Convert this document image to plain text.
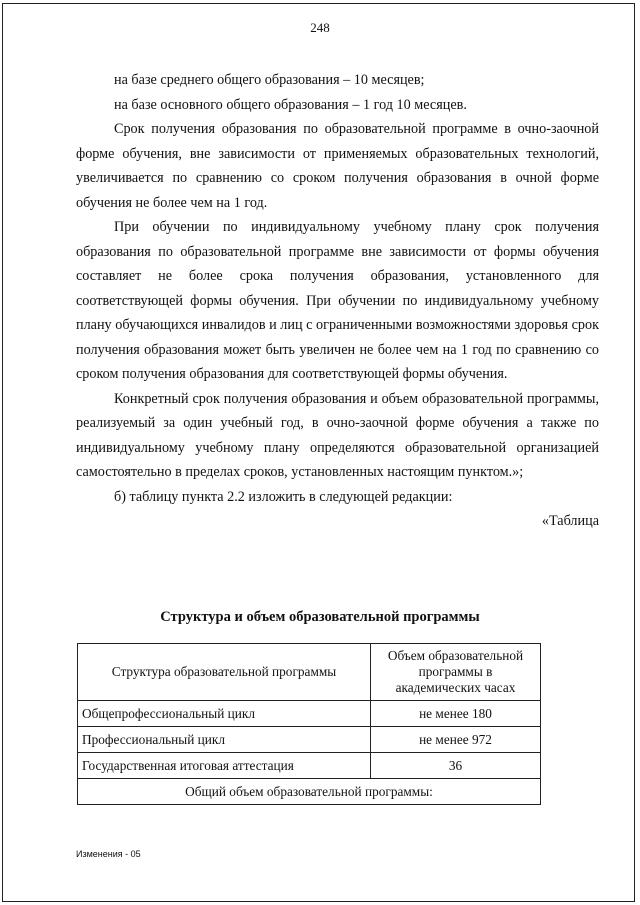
248

на базе среднего общего образования – 10 месяцев;

на базе основного общего образования – 1 год 10 месяцев.

Срок получения образования по образовательной программе в очно-заочной форме обучения, вне зависимости от применяемых образовательных технологий, увеличивается по сравнению со сроком получения образования в очной форме обучения не более чем на 1 год.

При обучении по индивидуальному учебному плану срок получения образования по образовательной программе вне зависимости от формы обучения составляет не более срока получения образования, установленного для соответствующей формы обучения. При обучении по индивидуальному учебному плану обучающихся инвалидов и лиц с ограниченными возможностями здоровья срок получения образования может быть увеличен не более чем на 1 год по сравнению со сроком получения образования для соответствующей формы обучения.

Конкретный срок получения образования и объем образовательной программы, реализуемый за один учебный год, в очно-заочной форме обучения а также по индивидуальному учебному плану определяются образовательной организацией самостоятельно в пределах сроков, установленных настоящим пунктом.»;

б) таблицу пункта 2.2 изложить в следующей редакции:

«Таблица

Структура и объем образовательной программы
Структура образовательной программы	Объем образовательной программы в академических часах
Общепрофессиональный цикл	не менее 180
Профессиональный цикл	не менее 972
Государственная итоговая аттестация	36
Общий объем образовательной программы:	
Изменения - 05
